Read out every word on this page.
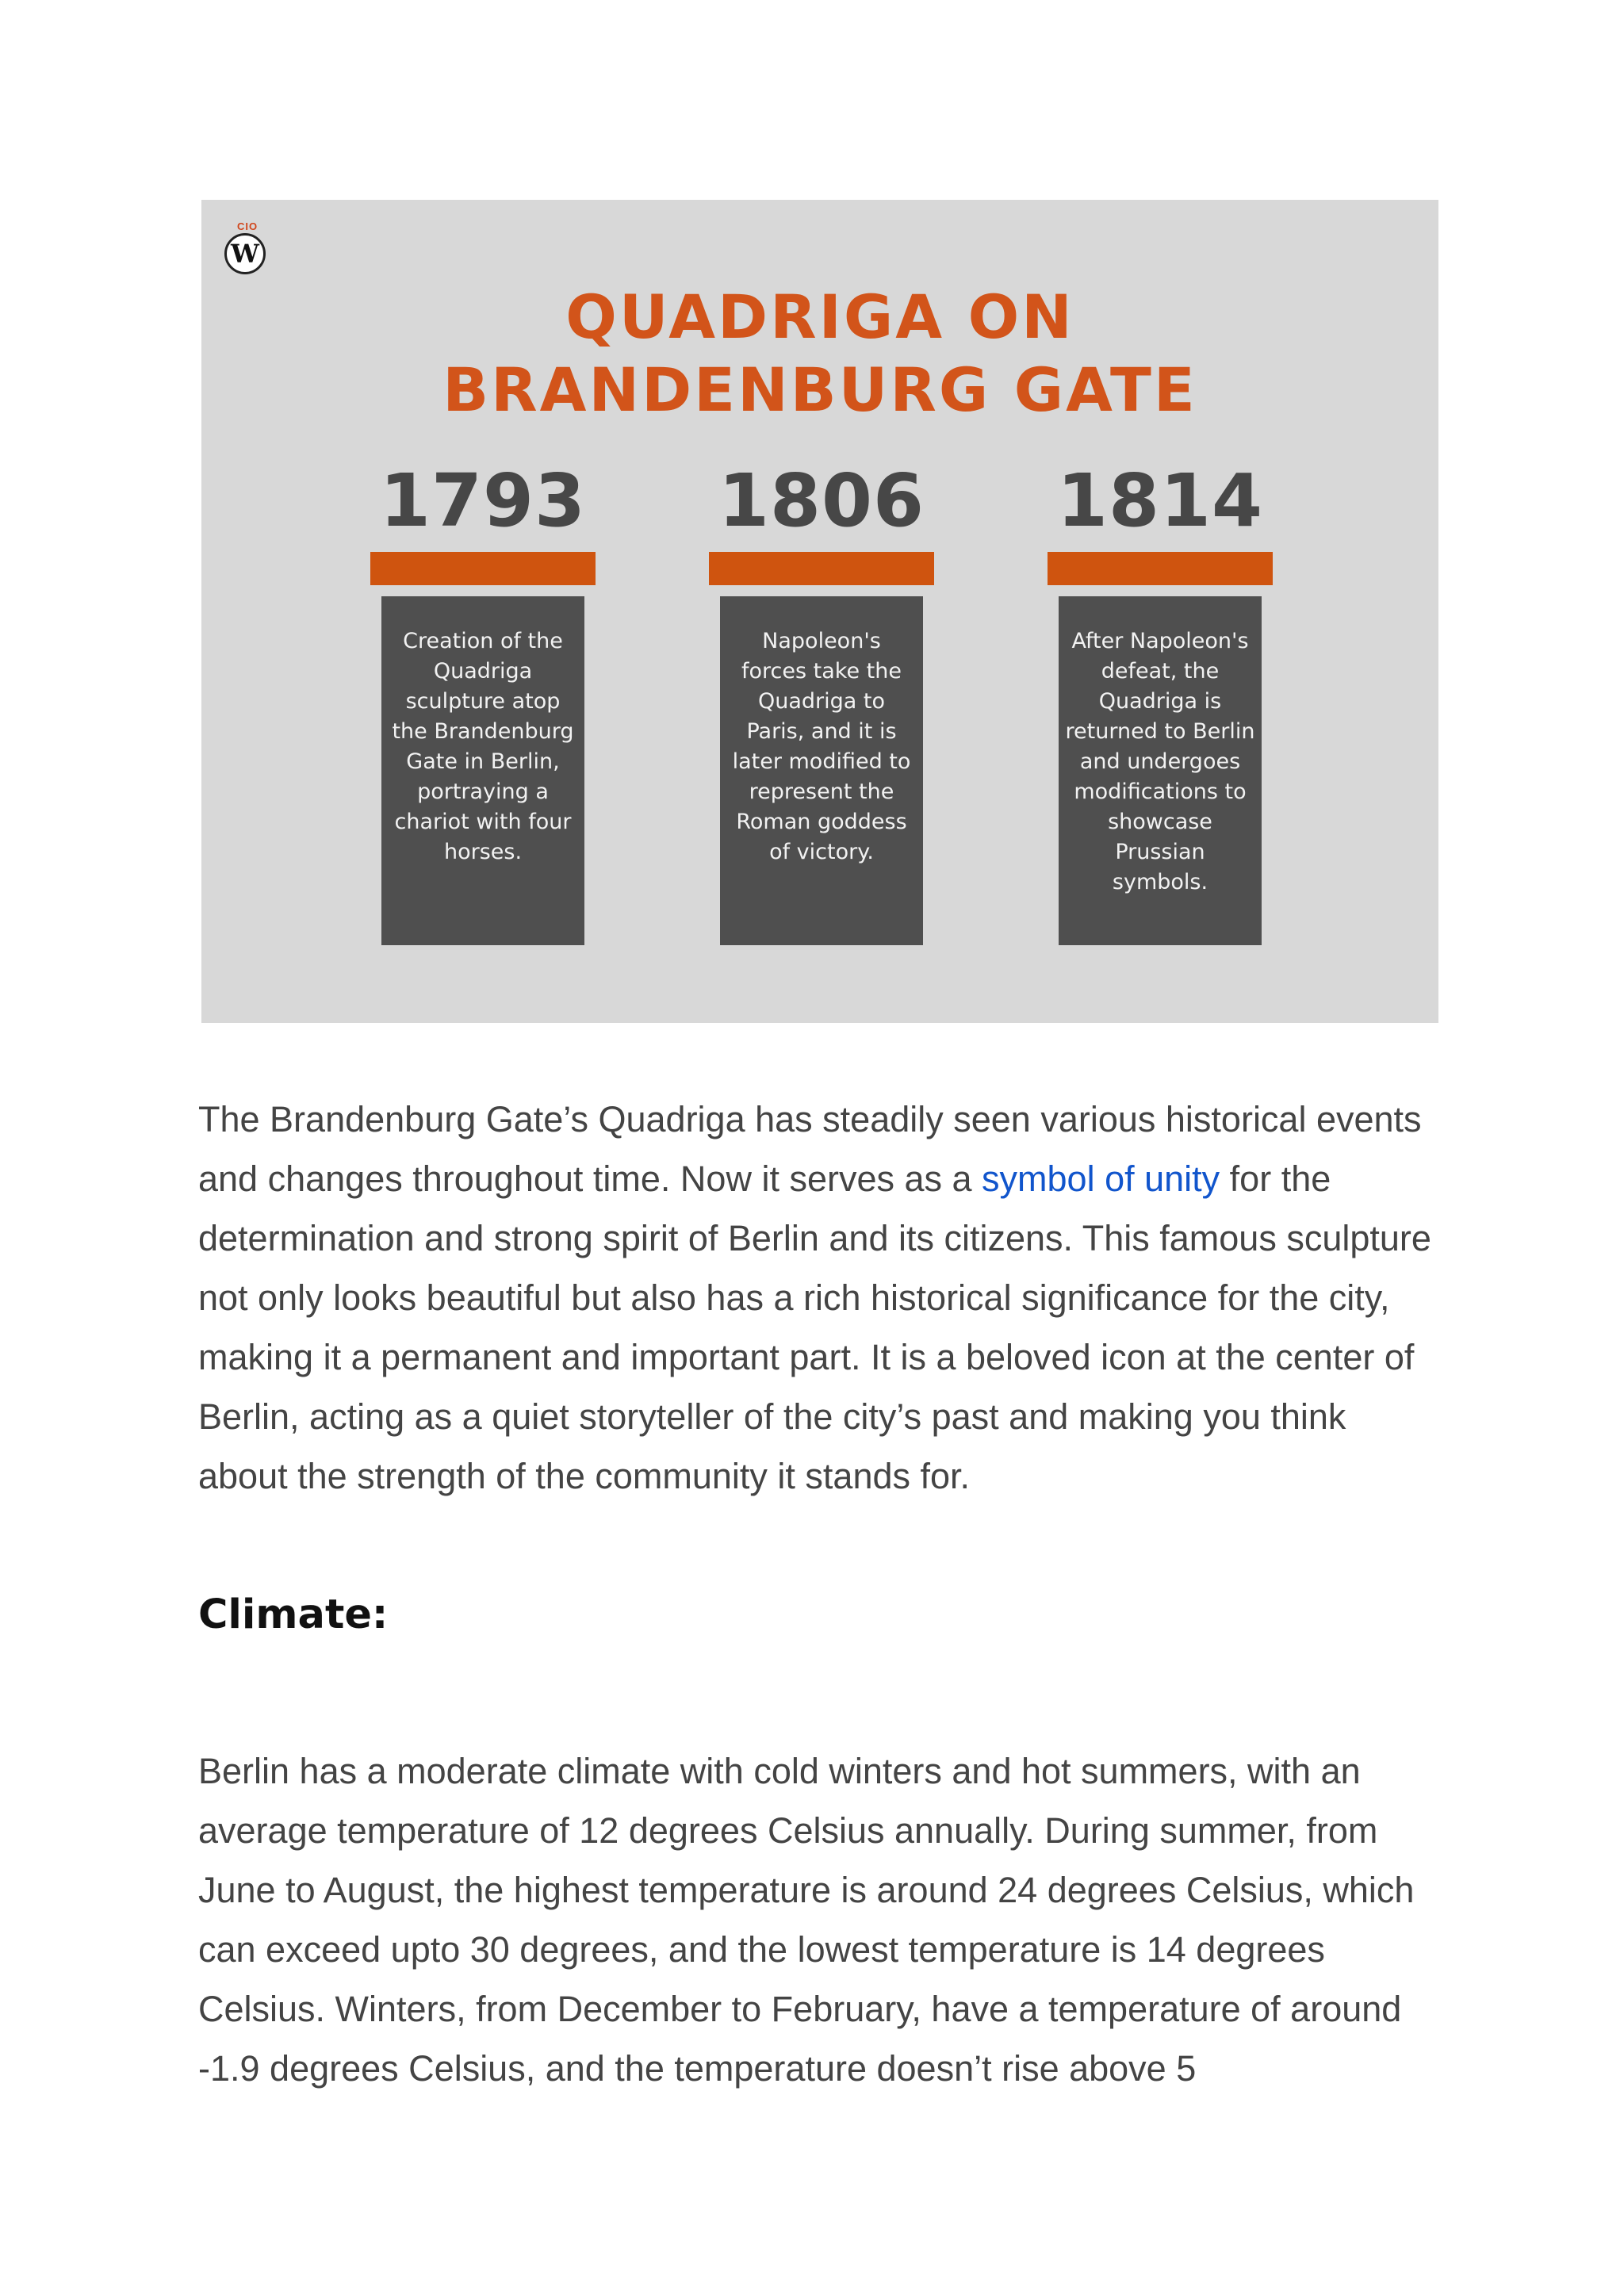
CIO
W
QUADRIGA ON
BRANDENBURG GATE
1793
Creation of the Quadriga sculpture atop the Brandenburg Gate in Berlin, portraying a chariot with four horses.
1806
Napoleon's forces take the Quadriga to Paris, and it is later modified to represent the Roman goddess of victory.
1814
After Napoleon's defeat, the Quadriga is returned to Berlin and undergoes modifications to showcase Prussian symbols.

The Brandenburg Gate’s Quadriga has steadily seen various historical events and changes throughout time. Now it serves as a symbol of unity for the determination and strong spirit of Berlin and its citizens. This famous sculpture not only looks beautiful but also has a rich historical significance for the city, making it a permanent and important part. It is a beloved icon at the center of Berlin, acting as a quiet storyteller of the city’s past and making you think about the strength of the community it stands for.

Climate:

Berlin has a moderate climate with cold winters and hot summers, with an average temperature of 12 degrees Celsius annually. During summer, from June to August, the highest temperature is around 24 degrees Celsius, which can exceed upto 30 degrees, and the lowest temperature is 14 degrees Celsius. Winters, from December to February, have a temperature of around -1.9 degrees Celsius, and the temperature doesn’t rise above 5
